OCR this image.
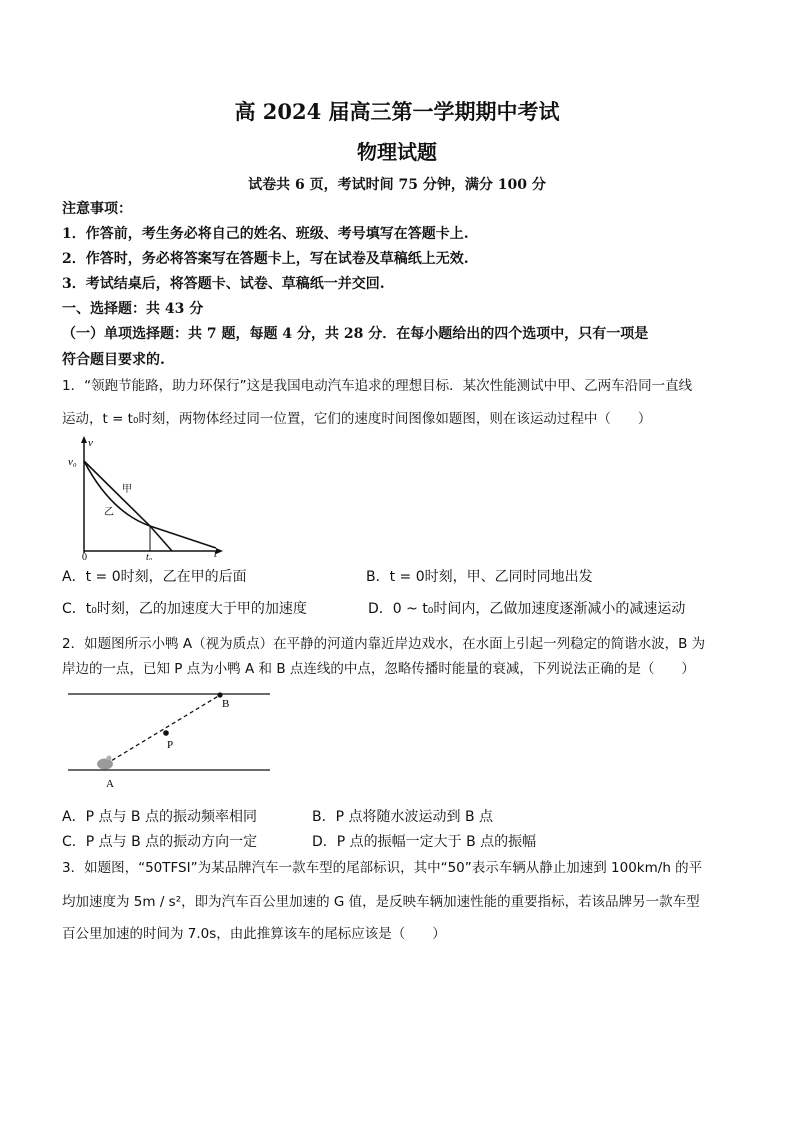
高 2024 届高三第一学期期中考试
物理试题
试卷共 6 页，考试时间 75 分钟，满分 100 分
注意事项：
1．作答前，考生务必将自己的姓名、班级、考号填写在答题卡上.
2．作答时，务必将答案写在答题卡上，写在试卷及草稿纸上无效.
3．考试结桌后，将答题卡、试卷、草稿纸一并交回.
一、选择题：共 43 分
（一）单项选择题：共 7 题，每题 4 分，共 28 分．在每小题给出的四个选项中，只有一项是
符合题目要求的.
1．“领跑节能路，助力环保行”这是我国电动汽车追求的理想目标．某次性能测试中甲、乙两车沿同一直线
运动，t = t₀时刻，两物体经过同一位置，它们的速度时间图像如题图，则在该运动过程中（　　）
v
v₀
t
0	t₀
甲
乙
A．t = 0时刻，乙在甲的后面	B．t = 0时刻，甲、乙同时同地出发
C．t₀时刻，乙的加速度大于甲的加速度	D．0 ~ t₀时间内，乙做加速度逐渐减小的减速运动
2．如题图所示小鸭 A（视为质点）在平静的河道内靠近岸边戏水，在水面上引起一列稳定的简谐水波，B 为
岸边的一点，已知 P 点为小鸭 A 和 B 点连线的中点，忽略传播时能量的衰减，下列说法正确的是（　　）
B
P
A
A．P 点与 B 点的振动频率相同	B．P 点将随水波运动到 B 点
C．P 点与 B 点的振动方向一定	D．P 点的振幅一定大于 B 点的振幅
3．如题图，“50TFSI”为某品牌汽车一款车型的尾部标识，其中“50”表示车辆从静止加速到 100km/h 的平
均加速度为 5m / s²，即为汽车百公里加速的 G 值，是反映车辆加速性能的重要指标，若该品牌另一款车型
百公里加速的时间为 7.0s，由此推算该车的尾标应该是（　　）
